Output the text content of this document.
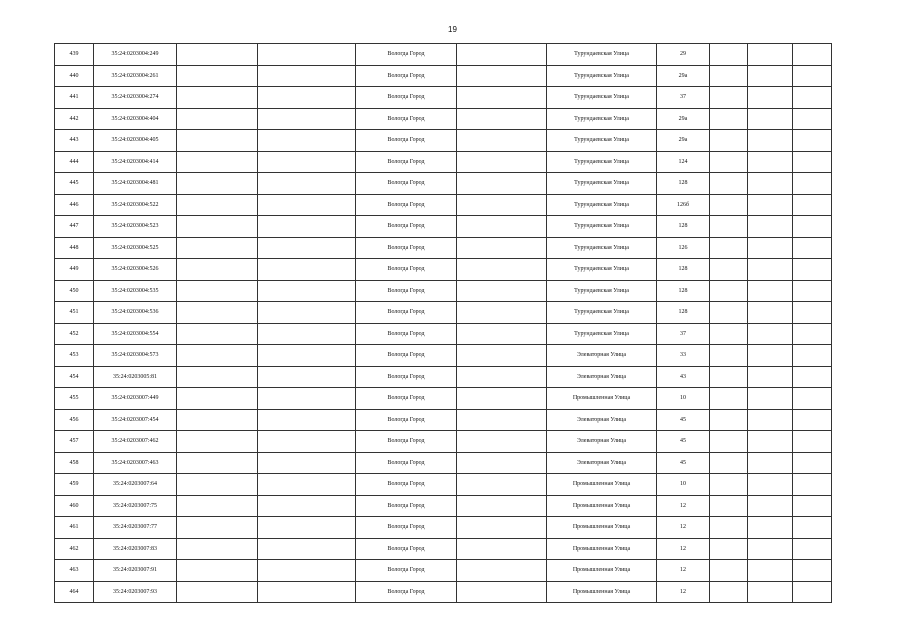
19
439	35:24:0203004:249			Вологда Город		Турундаевская Улица	29			
440	35:24:0203004:261			Вологда Город		Турундаевская Улица	29а			
441	35:24:0203004:274			Вологда Город		Турундаевская Улица	37			
442	35:24:0203004:404			Вологда Город		Турундаевская Улица	29а			
443	35:24:0203004:405			Вологда Город		Турундаевская Улица	29а			
444	35:24:0203004:414			Вологда Город		Турундаевская Улица	124			
445	35:24:0203004:481			Вологда Город		Турундаевская Улица	128			
446	35:24:0203004:522			Вологда Город		Турундаевская Улица	126б			
447	35:24:0203004:523			Вологда Город		Турундаевская Улица	128			
448	35:24:0203004:525			Вологда Город		Турундаевская Улица	126			
449	35:24:0203004:526			Вологда Город		Турундаевская Улица	128			
450	35:24:0203004:535			Вологда Город		Турундаевская Улица	128			
451	35:24:0203004:536			Вологда Город		Турундаевская Улица	128			
452	35:24:0203004:554			Вологда Город		Турундаевская Улица	37			
453	35:24:0203004:573			Вологда Город		Элеваторная Улица	33			
454	35:24:0203005:81			Вологда Город		Элеваторная Улица	43			
455	35:24:0203007:449			Вологда Город		Промышленная Улица	10			
456	35:24:0203007:454			Вологда Город		Элеваторная Улица	45			
457	35:24:0203007:462			Вологда Город		Элеваторная Улица	45			
458	35:24:0203007:463			Вологда Город		Элеваторная Улица	45			
459	35:24:0203007:64			Вологда Город		Промышленная Улица	10			
460	35:24:0203007:75			Вологда Город		Промышленная Улица	12			
461	35:24:0203007:77			Вологда Город		Промышленная Улица	12			
462	35:24:0203007:83			Вологда Город		Промышленная Улица	12			
463	35:24:0203007:91			Вологда Город		Промышленная Улица	12			
464	35:24:0203007:93			Вологда Город		Промышленная Улица	12			
